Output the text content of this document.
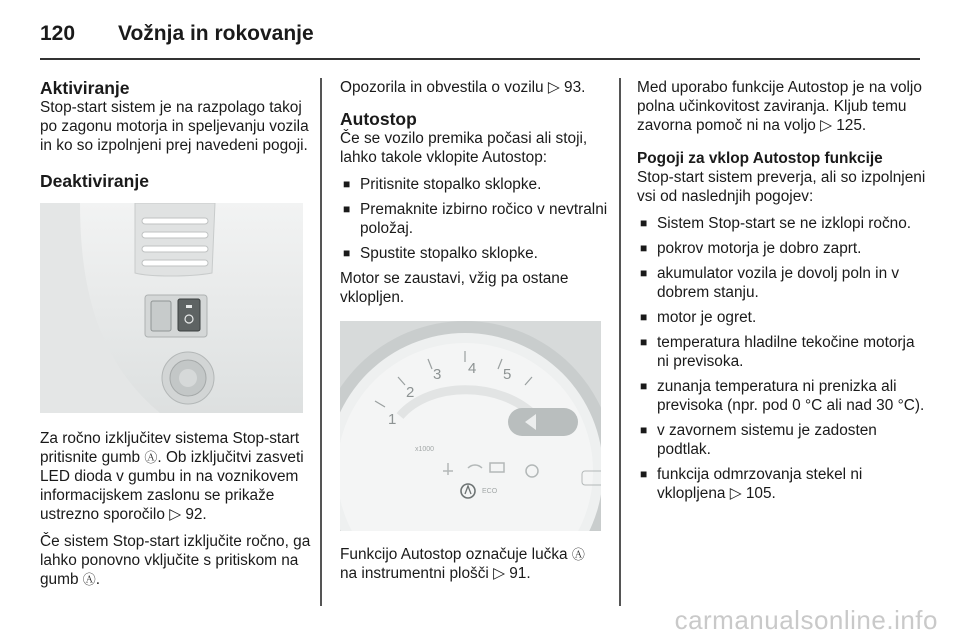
120 Vožnja in rokovanje
Aktiviranje

Stop-start sistem je na razpolago takoj po zagonu motorja in speljevanju vozila in ko so izpolnjeni prej navedeni pogoji.

Deaktiviranje

Za ročno izključitev sistema Stop-start pritisnite gumb Ⓐ. Ob izključitvi zasveti LED dioda v gumbu in na voznikovem informacijskem zaslonu se prikaže ustrezno sporočilo ▷ 92.

Če sistem Stop-start izključite ročno, ga lahko ponovno vključite s pritiskom na gumb Ⓐ.

Opozorila in obvestila o vozilu ▷ 93.

Autostop

Če se vozilo premika počasi ali stoji, lahko takole vklopite Autostop:

■ Pritisnite stopalko sklopke.
■ Premaknite izbirno ročico v nevtralni položaj.
■ Spustite stopalko sklopke.

Motor se zaustavi, vžig pa ostane vklopljen.

1
2
3 4 5
x1000
ECO

Funkcijo Autostop označuje lučka Ⓐ
na instrumentni plošči ▷ 91.

Med uporabo funkcije Autostop je na voljo polna učinkovitost zaviranja. Kljub temu zavorna pomoč ni na voljo ▷ 125.

Pogoji za vklop Autostop funkcije

Stop-start sistem preverja, ali so izpolnjeni vsi od naslednjih pogojev:

■ Sistem Stop-start se ne izklopi ročno.
■ pokrov motorja je dobro zaprt.
■ akumulator vozila je dovolj poln in v dobrem stanju.
■ motor je ogret.
■ temperatura hladilne tekočine motorja ni previsoka.
■ zunanja temperatura ni prenizka ali previsoka (npr. pod 0 °C ali nad 30 °C).
■ v zavornem sistemu je zadosten podtlak.
■ funkcija odmrzovanja stekel ni vklopljena ▷ 105.
carmanualsonline.info
